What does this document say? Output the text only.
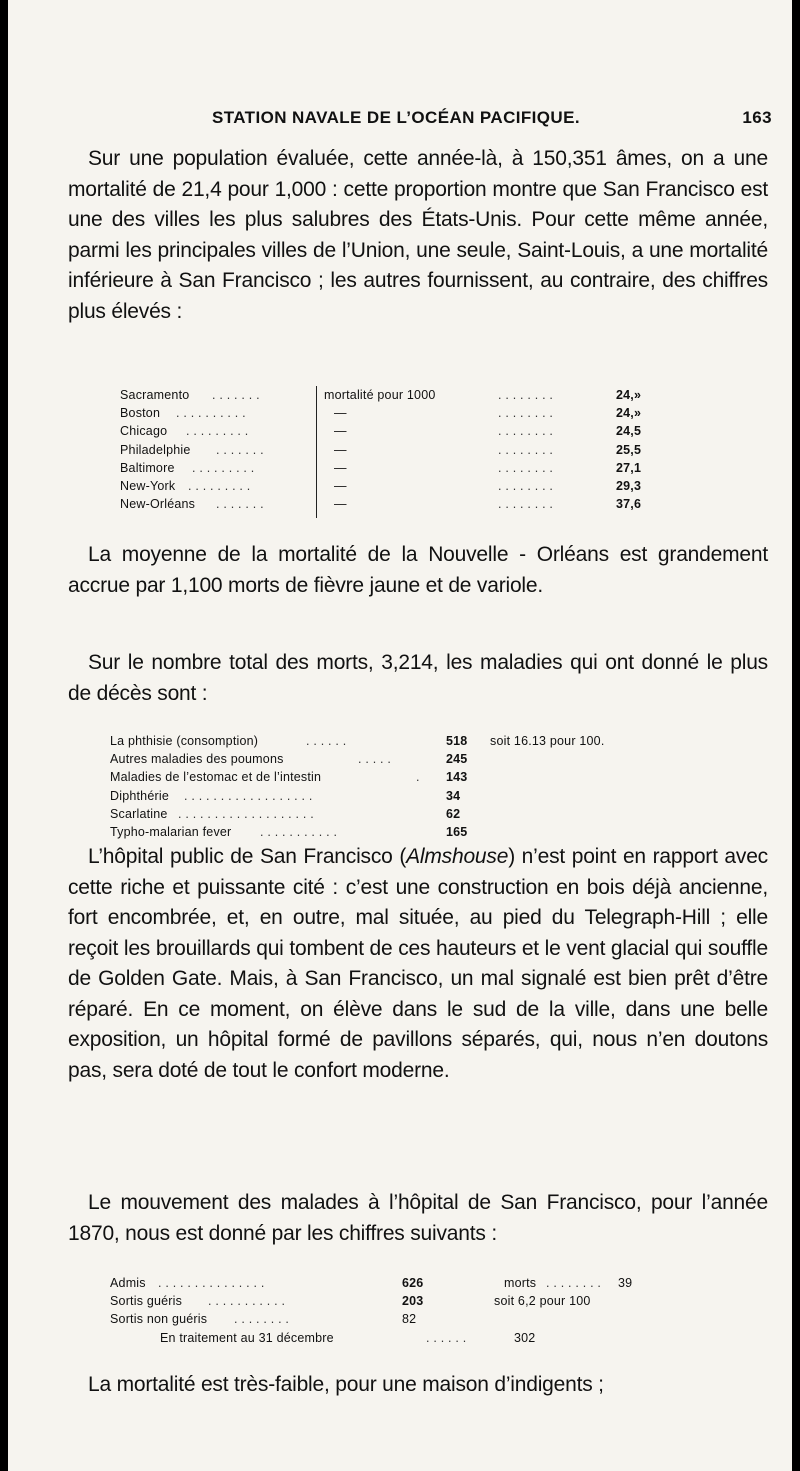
STATION NAVALE DE L’OCÉAN PACIFIQUE.	163

Sur une population évaluée, cette année-là, à 150,351 âmes, on a une mortalité de 21,4 pour 1,000 : cette proportion montre que San Francisco est une des villes les plus salubres des États-Unis. Pour cette même année, parmi les principales villes de l’Union, une seule, Saint-Louis, a une mortalité inférieure à San Francisco ; les autres fournissent, au contraire, des chiffres plus élevés :

Sacramento . . . . . . .	mortalité pour 1000	. . . . . . . .	24,»
Boston . . . . . . . . . .	—	. . . . . . . .	24,»
Chicago . . . . . . . . .	—	. . . . . . . .	24,5
Philadelphie . . . . . . .	—	. . . . . . . .	25,5
Baltimore . . . . . . . . .	—	. . . . . . . .	27,1
New-York . . . . . . . . .	—	. . . . . . . .	29,3
New-Orléans . . . . . . .	—	. . . . . . . .	37,6

La moyenne de la mortalité de la Nouvelle - Orléans est grandement accrue par 1,100 morts de fièvre jaune et de variole.

Sur le nombre total des morts, 3,214, les maladies qui ont donné le plus de décès sont :

La phthisie (consomption)	. . . . . .	518 soit 16.13 pour 100.
Autres maladies des poumons	. . . . .	245
Maladies de l’estomac et de l’intestin	. 143
Diphthérie . . . . . . . . . . . . . . . . . .	34
Scarlatine . . . . . . . . . . . . . . . . . . .	62
Typho-malarian fever . . . . . . . . . . .	165

L’hôpital public de San Francisco (Almshouse) n’est point en rapport avec cette riche et puissante cité : c’est une construction en bois déjà ancienne, fort encombrée, et, en outre, mal située, au pied du Telegraph-Hill ; elle reçoit les brouillards qui tombent de ces hauteurs et le vent glacial qui souffle de Golden Gate. Mais, à San Francisco, un mal signalé est bien prêt d’être réparé. En ce moment, on élève dans le sud de la ville, dans une belle exposition, un hôpital formé de pavillons séparés, qui, nous n’en doutons pas, sera doté de tout le confort moderne.

Le mouvement des malades à l’hôpital de San Francisco, pour l’année 1870, nous est donné par les chiffres suivants :

Admis . . . . . . . . . . . . . . .	626	morts . . . . . . . . 39
Sortis guéris . . . . . . . . . . .	203	soit 6,2 pour 100
Sortis non guéris . . . . . . . .	82
En traitement au 31 décembre	. . . . . .	302

La mortalité est très-faible, pour une maison d’indigents ;
